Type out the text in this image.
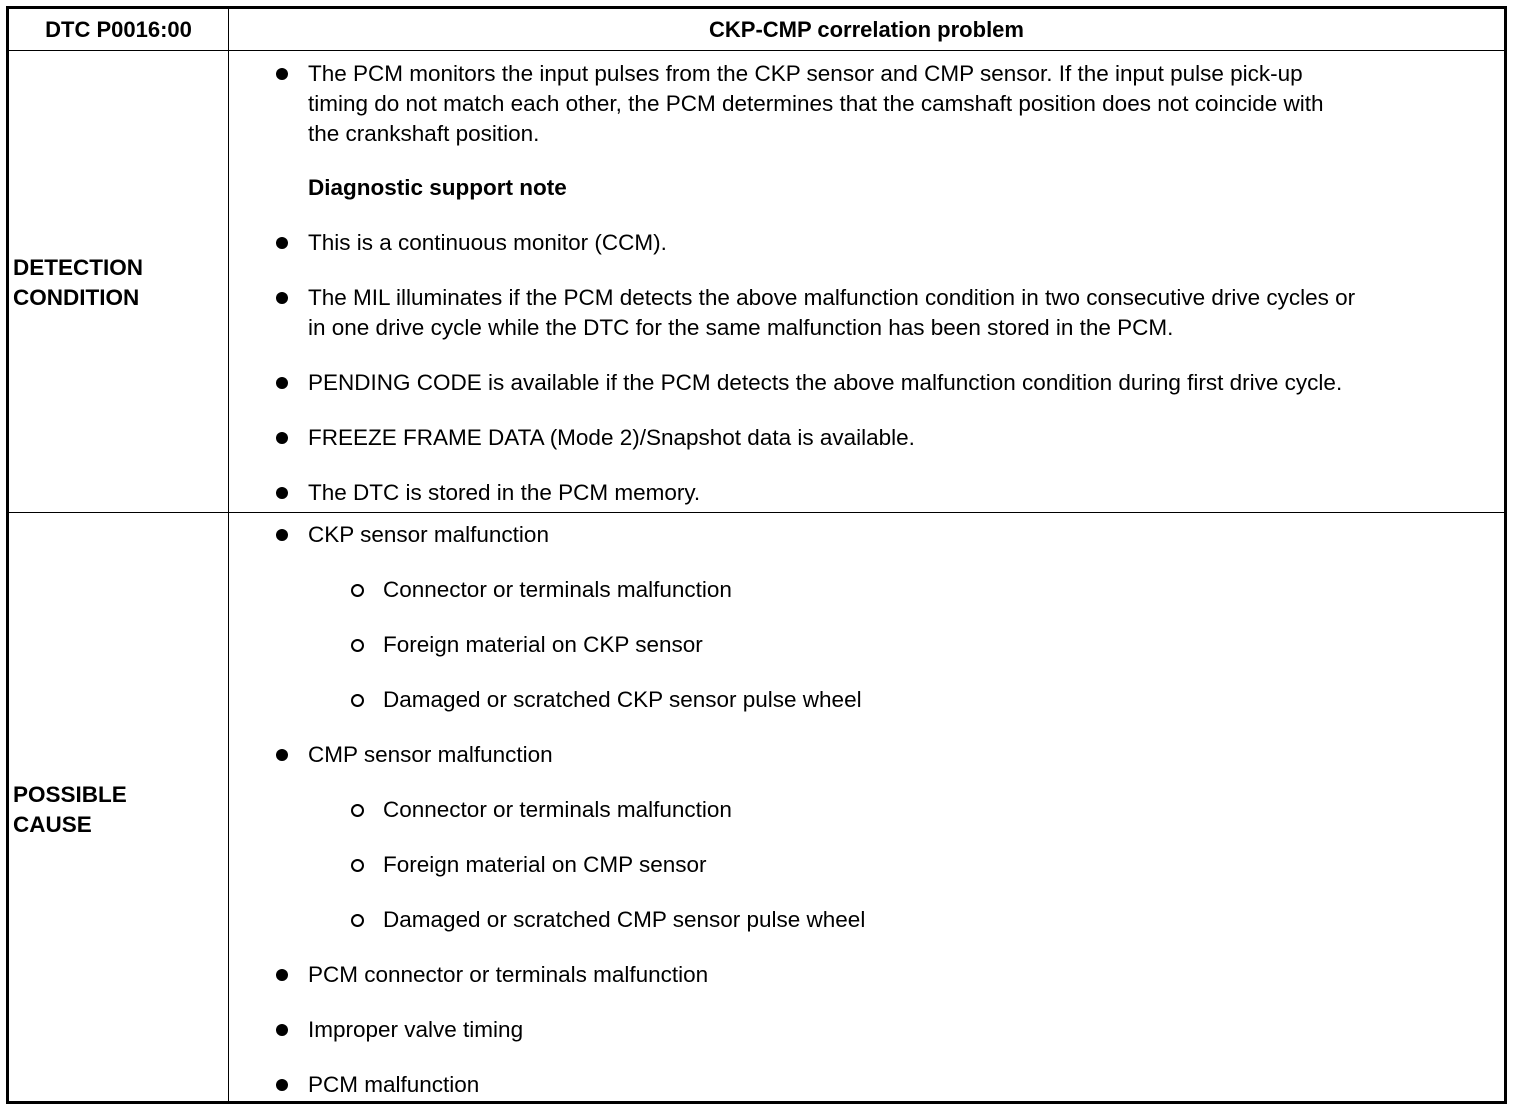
DTC P0016:00	CKP-CMP correlation problem
DETECTION
CONDITION
The PCM monitors the input pulses from the CKP sensor and CMP sensor. If the input pulse pick-up
timing do not match each other, the PCM determines that the camshaft position does not coincide with
the crankshaft position.
Diagnostic support note
This is a continuous monitor (CCM).
The MIL illuminates if the PCM detects the above malfunction condition in two consecutive drive cycles or
in one drive cycle while the DTC for the same malfunction has been stored in the PCM.
PENDING CODE is available if the PCM detects the above malfunction condition during first drive cycle.
FREEZE FRAME DATA (Mode 2)/Snapshot data is available.
The DTC is stored in the PCM memory.
POSSIBLE
CAUSE
CKP sensor malfunction
Connector or terminals malfunction
Foreign material on CKP sensor
Damaged or scratched CKP sensor pulse wheel
CMP sensor malfunction
Connector or terminals malfunction
Foreign material on CMP sensor
Damaged or scratched CMP sensor pulse wheel
PCM connector or terminals malfunction
Improper valve timing
PCM malfunction
